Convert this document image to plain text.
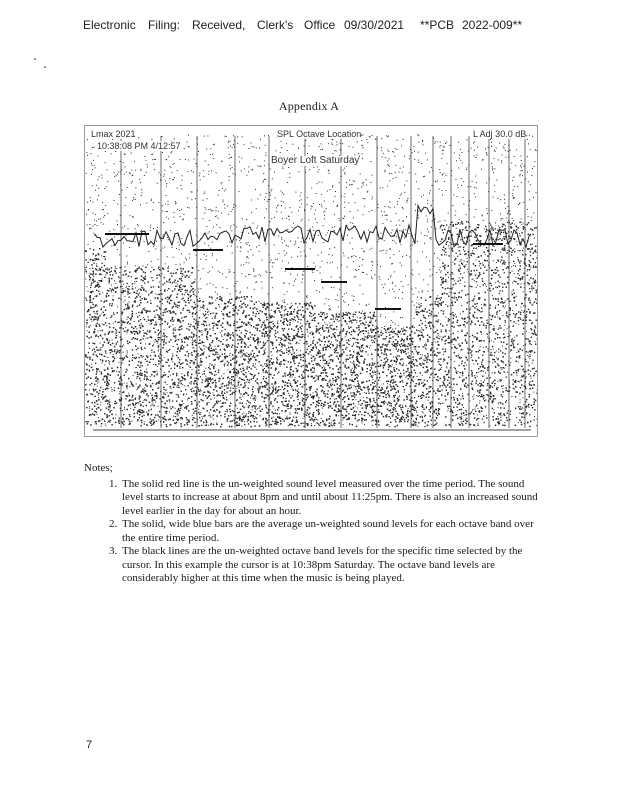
Electronic Filing: Received, Clerk's Office 09/30/2021 **PCB 2022-009**
Appendix A
Lmax 2021	SPL Octave Location	L Adj 30.0 dB
10:38:08 PM 4/12:57
Boyer Loft Saturday
Notes;
1. The solid red line is the un-weighted sound level measured over the time period. The sound level starts to increase at about 8pm and until about 11:25pm. There is also an increased sound level earlier in the day for about an hour.
2. The solid, wide blue bars are the average un-weighted sound levels for each octave band over the entire time period.
3. The black lines are the un-weighted octave band levels for the specific time selected by the cursor. In this example the cursor is at 10:38pm Saturday. The octave band levels are considerably higher at this time when the music is being played.
7
